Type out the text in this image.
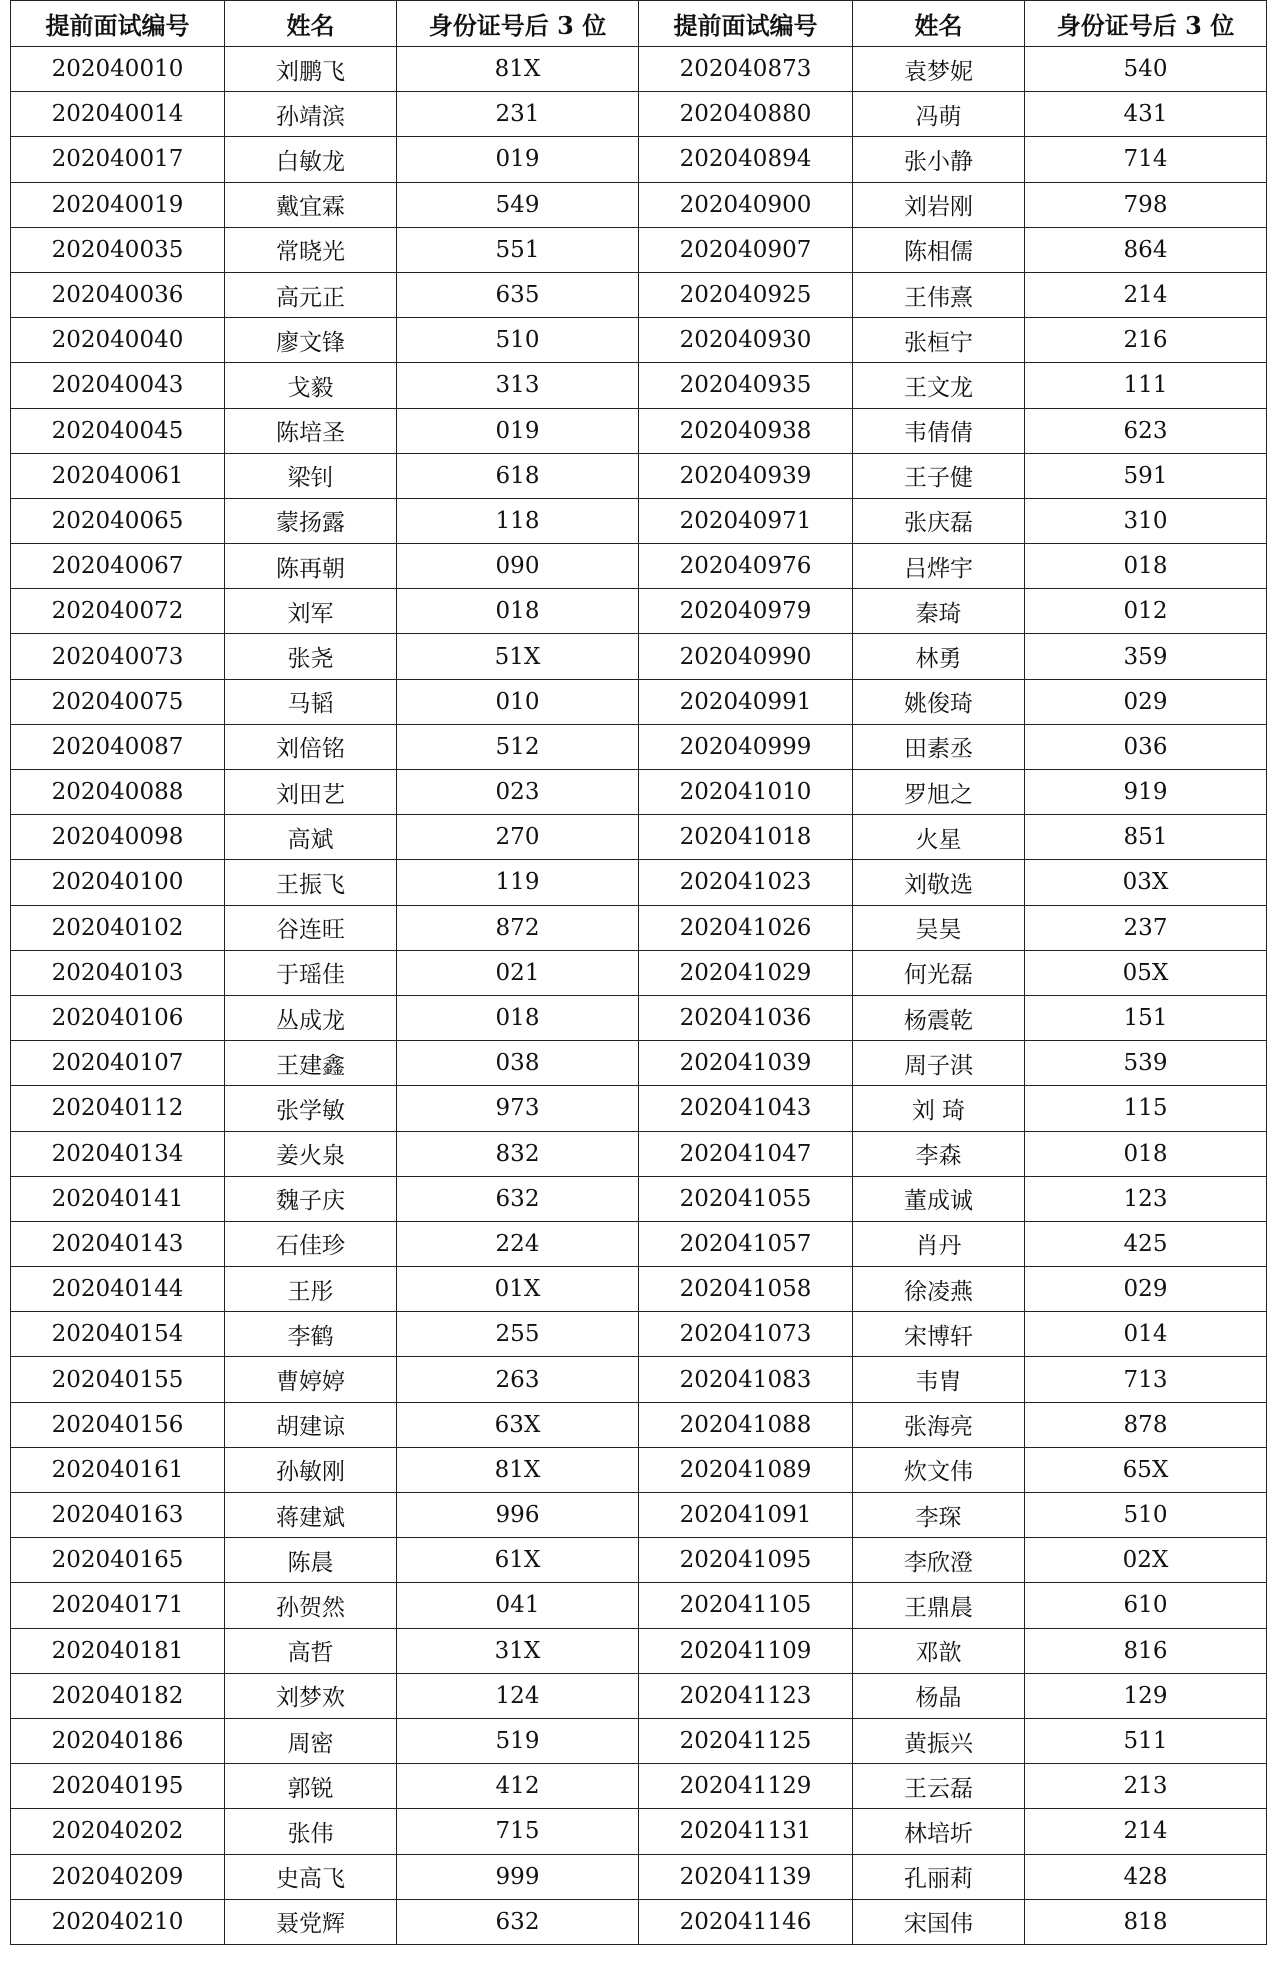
提前面试编号	姓名	身份证号后 3 位	提前面试编号	姓名	身份证号后 3 位
202040010	刘鹏飞	81X	202040873	袁梦妮	540
202040014	孙靖滨	231	202040880	冯萌	431
202040017	白敏龙	019	202040894	张小静	714
202040019	戴宜霖	549	202040900	刘岩刚	798
202040035	常晓光	551	202040907	陈相儒	864
202040036	高元正	635	202040925	王伟熹	214
202040040	廖文锋	510	202040930	张桓宁	216
202040043	戈毅	313	202040935	王文龙	111
202040045	陈培圣	019	202040938	韦倩倩	623
202040061	梁钊	618	202040939	王子健	591
202040065	蒙扬露	118	202040971	张庆磊	310
202040067	陈再朝	090	202040976	吕烨宇	018
202040072	刘军	018	202040979	秦琦	012
202040073	张尧	51X	202040990	林勇	359
202040075	马韬	010	202040991	姚俊琦	029
202040087	刘倍铭	512	202040999	田素丞	036
202040088	刘田艺	023	202041010	罗旭之	919
202040098	高斌	270	202041018	火星	851
202040100	王振飞	119	202041023	刘敬选	03X
202040102	谷连旺	872	202041026	吴昊	237
202040103	于瑶佳	021	202041029	何光磊	05X
202040106	丛成龙	018	202041036	杨震乾	151
202040107	王建鑫	038	202041039	周子淇	539
202040112	张学敏	973	202041043	刘 琦	115
202040134	姜火泉	832	202041047	李森	018
202040141	魏子庆	632	202041055	董成诚	123
202040143	石佳珍	224	202041057	肖丹	425
202040144	王彤	01X	202041058	徐凌燕	029
202040154	李鹤	255	202041073	宋博轩	014
202040155	曹婷婷	263	202041083	韦胄	713
202040156	胡建谅	63X	202041088	张海亮	878
202040161	孙敏刚	81X	202041089	炊文伟	65X
202040163	蒋建斌	996	202041091	李琛	510
202040165	陈晨	61X	202041095	李欣澄	02X
202040171	孙贺然	041	202041105	王鼎晨	610
202040181	高哲	31X	202041109	邓歆	816
202040182	刘梦欢	124	202041123	杨晶	129
202040186	周密	519	202041125	黄振兴	511
202040195	郭锐	412	202041129	王云磊	213
202040202	张伟	715	202041131	林培圻	214
202040209	史高飞	999	202041139	孔丽莉	428
202040210	聂党辉	632	202041146	宋国伟	818
